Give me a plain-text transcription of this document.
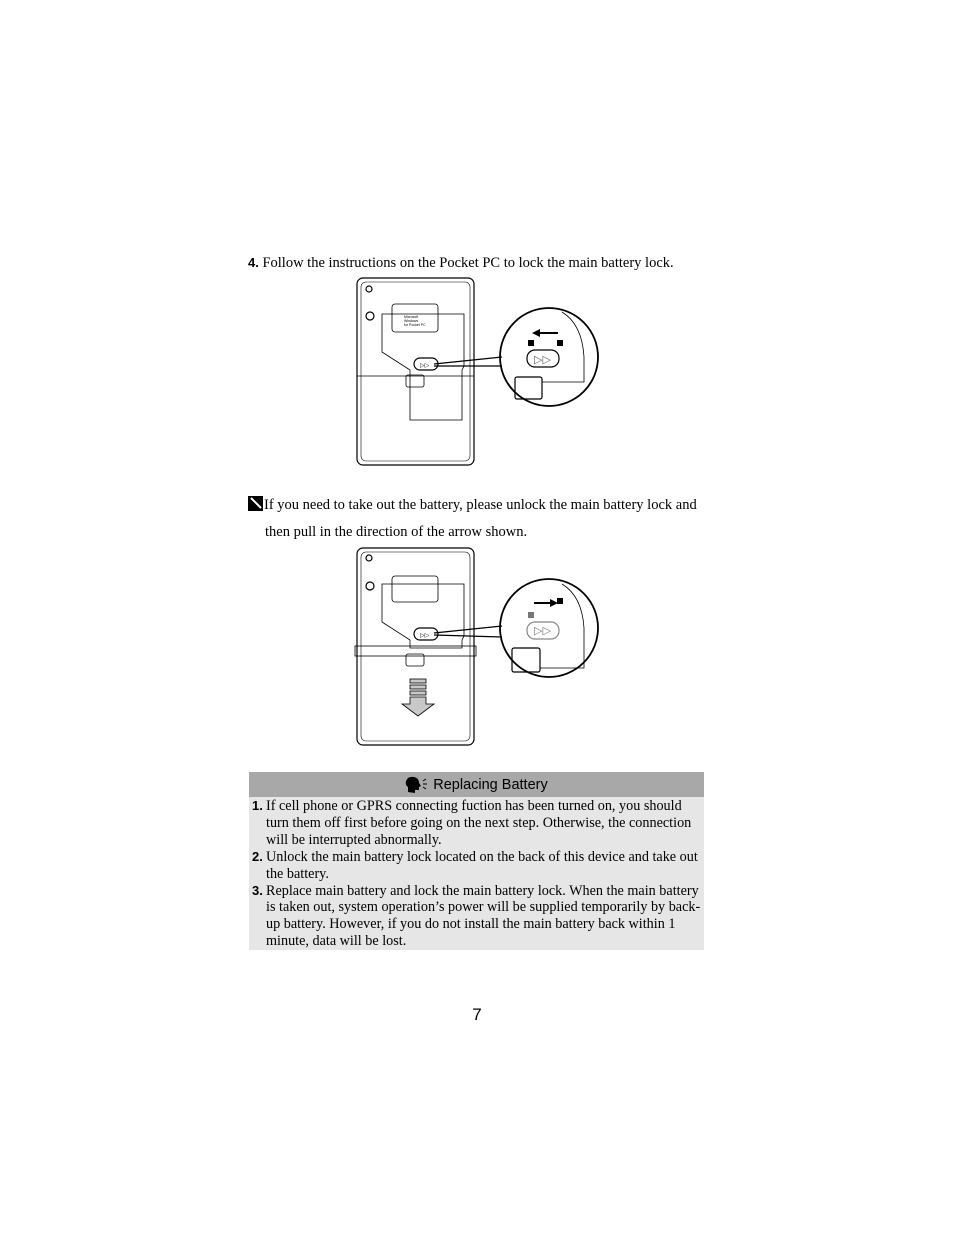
4. Follow the instructions on the Pocket PC to lock the main battery lock.
▷▷	▷▷
Microsoft
Windows
for Pocket PC
If you need to take out the battery, please unlock the main battery lock and
then pull in the direction of the arrow shown.
▷▷	▷▷
Replacing Battery
1. If cell phone or GPRS connecting fuction has been turned on, you should turn them off first before going on the next step. Otherwise, the connection will be interrupted abnormally.
2. Unlock the main battery lock located on the back of this device and take out the battery.
3. Replace main battery and lock the main battery lock. When the main battery is taken out, system operation’s power will be supplied temporarily by back-up battery. However, if you do not install the main battery back within 1 minute, data will be lost.
7
